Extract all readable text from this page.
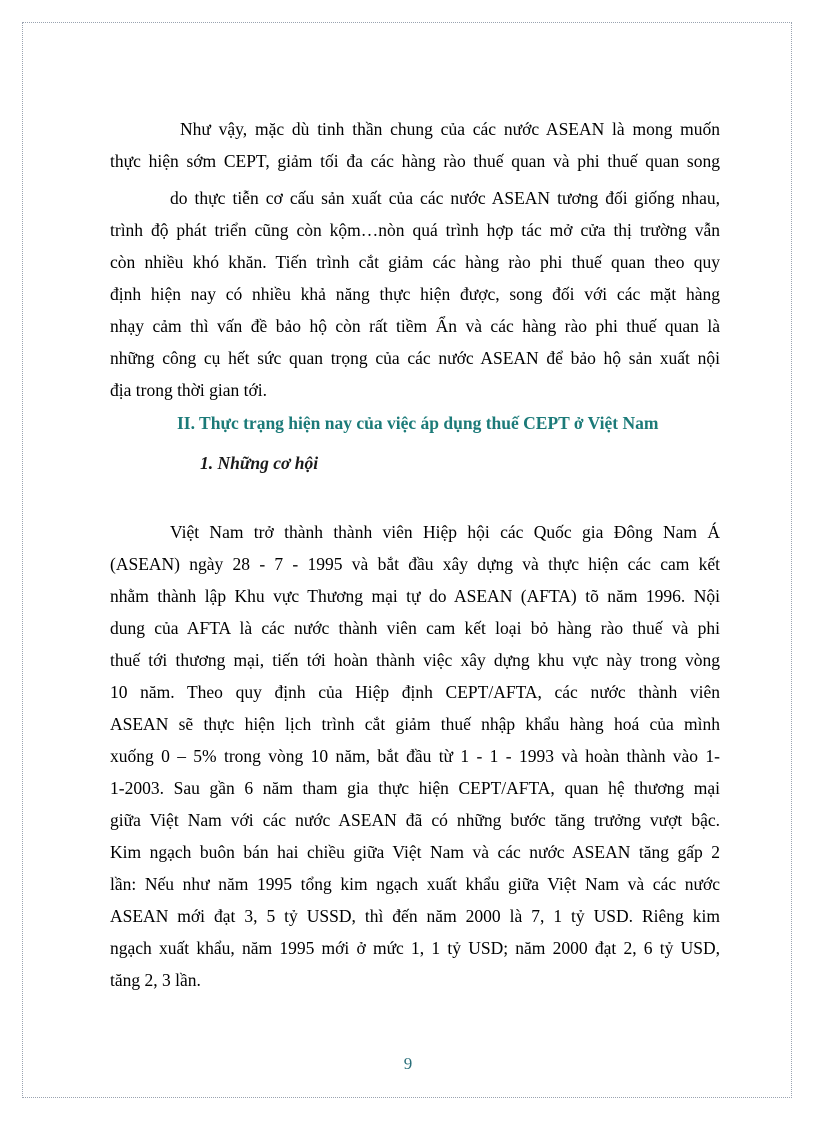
Như vậy, mặc dù tinh thần chung của các nước ASEAN là mong muốn
thực hiện sớm CEPT, giảm tối đa các hàng rào thuế quan và phi thuế quan song

do thực tiễn cơ cấu sản xuất của các nước ASEAN tương đối giống nhau,
trình độ phát triển cũng còn kộm…nòn quá trình hợp tác mở cửa thị trường vẫn
còn nhiều khó khăn. Tiến trình cắt giảm các hàng rào phi thuế quan theo quy
định hiện nay có nhiều khả năng thực hiện được, song đối với các mặt hàng
nhạy cảm thì vấn đề bảo hộ còn rất tiềm Ẩn và các hàng rào phi thuế quan là
những công cụ hết sức quan trọng của các nước ASEAN để bảo hộ sản xuất nội
địa trong thời gian tới.

II. Thực trạng hiện nay của việc áp dụng thuế CEPT ở Việt Nam
1. Những cơ hội

Việt Nam trở thành thành viên Hiệp hội các Quốc gia Đông Nam Á
(ASEAN) ngày 28 - 7 - 1995 và bắt đầu xây dựng và thực hiện các cam kết
nhằm thành lập Khu vực Thương mại tự do ASEAN (AFTA) tõ năm 1996. Nội
dung của AFTA là các nước thành viên cam kết loại bỏ hàng rào thuế và phi
thuế tới thương mại, tiến tới hoàn thành việc xây dựng khu vực này trong vòng
10 năm. Theo quy định của Hiệp định CEPT/AFTA, các nước thành viên
ASEAN sẽ thực hiện lịch trình cắt giảm thuế nhập khẩu hàng hoá của mình
xuống 0 – 5% trong vòng 10 năm, bắt đầu từ 1 - 1 - 1993 và hoàn thành vào 1-
1-2003. Sau gần 6 năm tham gia thực hiện CEPT/AFTA, quan hệ thương mại
giữa Việt Nam với các nước ASEAN đã có những bước tăng trưởng vượt bậc.
Kim ngạch buôn bán hai chiều giữa Việt Nam và các nước ASEAN tăng gấp 2
lần: Nếu như năm 1995 tổng kim ngạch xuất khẩu giữa Việt Nam và các nước
ASEAN mới đạt 3, 5 tỷ USSD, thì đến năm 2000 là 7, 1 tỷ USD. Riêng kim
ngạch xuất khẩu, năm 1995 mới ở mức 1, 1 tỷ USD; năm 2000 đạt 2, 6 tỷ USD,
tăng 2, 3 lần.

9
